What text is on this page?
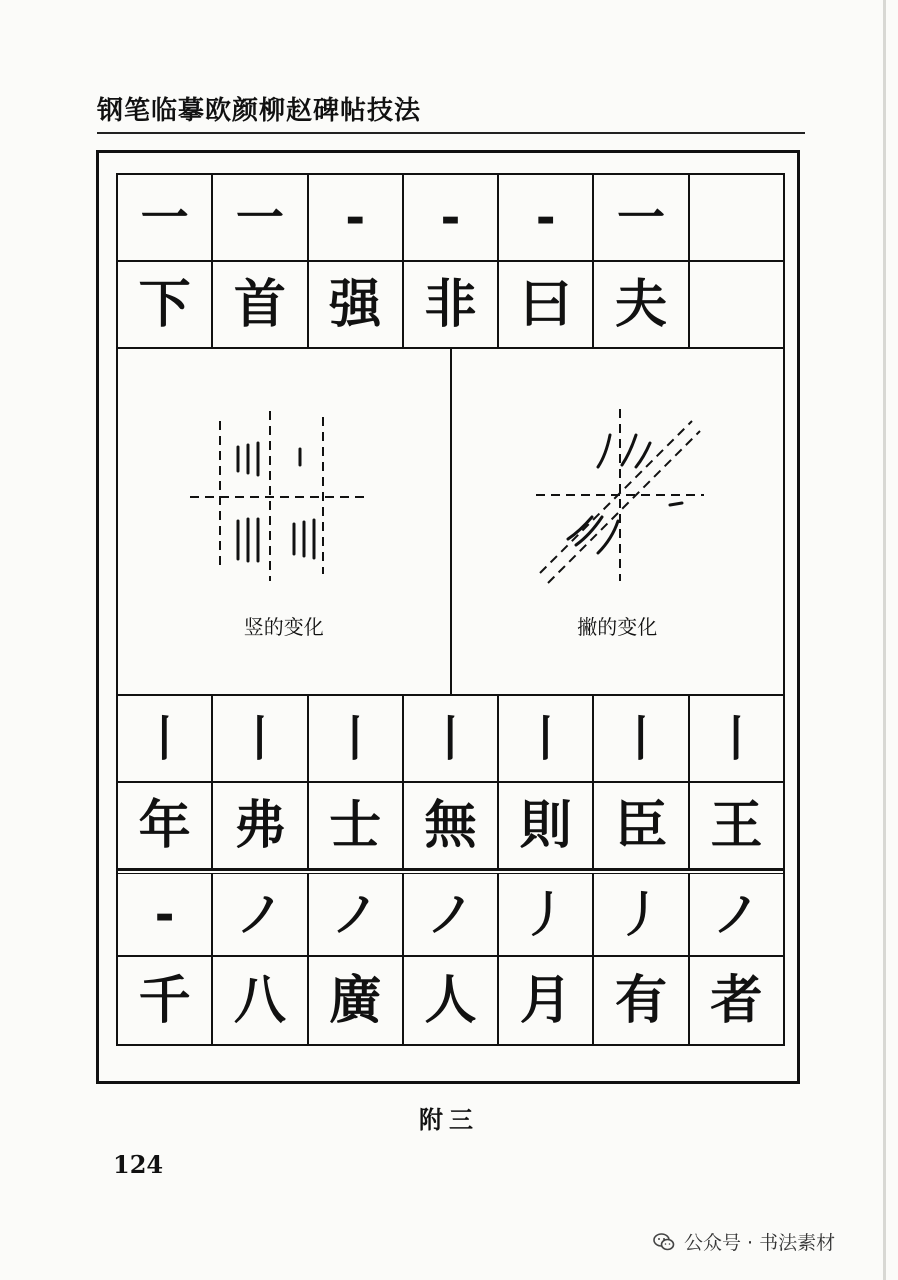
钢笔临摹欧颜柳赵碑帖技法
一 一 - - - 一
下 首 强 非 曰 夫
竖的变化	撇的变化
丨 丨 丨 丨 丨 丨 丨
年 弗 士 無 則 臣 王
- ノ ノ ノ 丿 丿 ノ
千 八 廣 人 月 有 者
附三
124
公众号 · 书法素材
